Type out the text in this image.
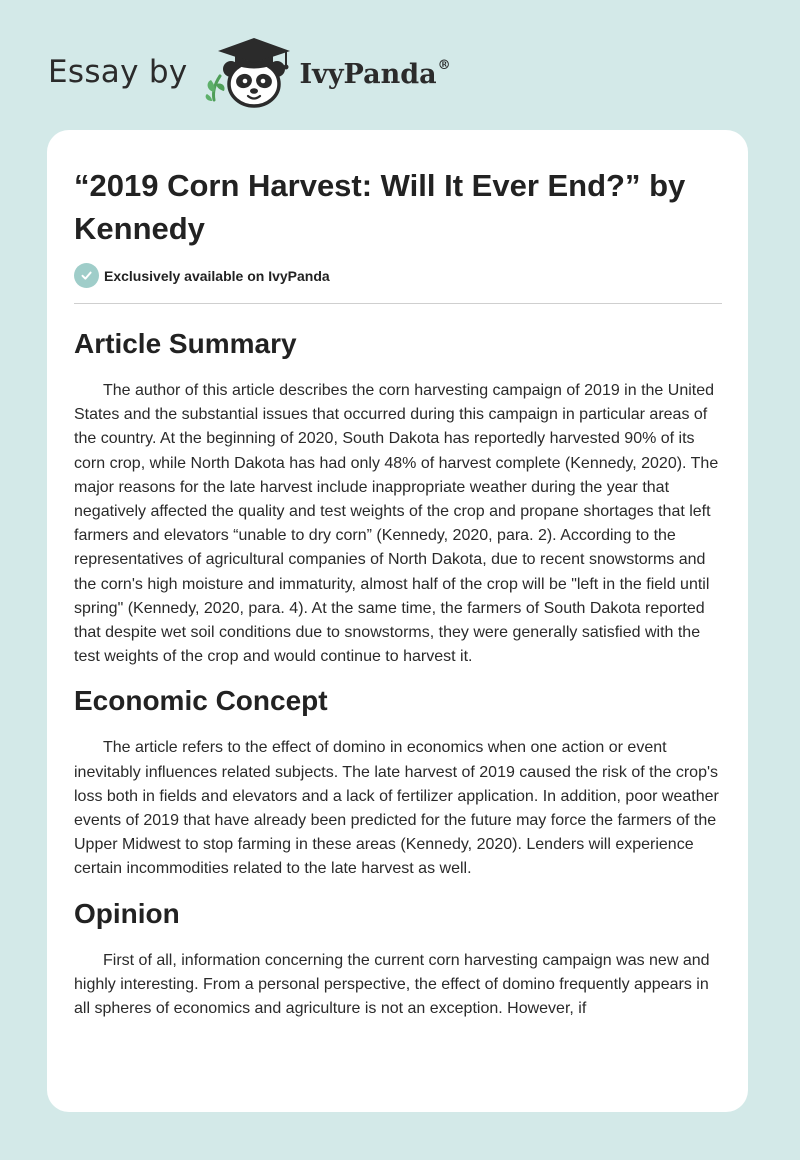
Essay by	IvyPanda®
“2019 Corn Harvest: Will It Ever End?” by Kennedy
Exclusively available on IvyPanda
Article Summary

The author of this article describes the corn harvesting campaign of 2019 in the United States and the substantial issues that occurred during this campaign in particular areas of the country. At the beginning of 2020, South Dakota has reportedly harvested 90% of its corn crop, while North Dakota has had only 48% of harvest complete (Kennedy, 2020). The major reasons for the late harvest include inappropriate weather during the year that negatively affected the quality and test weights of the crop and propane shortages that left farmers and elevators “unable to dry corn” (Kennedy, 2020, para. 2). According to the representatives of agricultural companies of North Dakota, due to recent snowstorms and the corn's high moisture and immaturity, almost half of the crop will be "left in the field until spring" (Kennedy, 2020, para. 4). At the same time, the farmers of South Dakota reported that despite wet soil conditions due to snowstorms, they were generally satisfied with the test weights of the crop and would continue to harvest it.

Economic Concept

The article refers to the effect of domino in economics when one action or event inevitably influences related subjects. The late harvest of 2019 caused the risk of the crop's loss both in fields and elevators and a lack of fertilizer application. In addition, poor weather events of 2019 that have already been predicted for the future may force the farmers of the Upper Midwest to stop farming in these areas (Kennedy, 2020). Lenders will experience certain incommodities related to the late harvest as well.

Opinion

First of all, information concerning the current corn harvesting campaign was new and highly interesting. From a personal perspective, the effect of domino frequently appears in all spheres of economics and agriculture is not an exception. However, if
